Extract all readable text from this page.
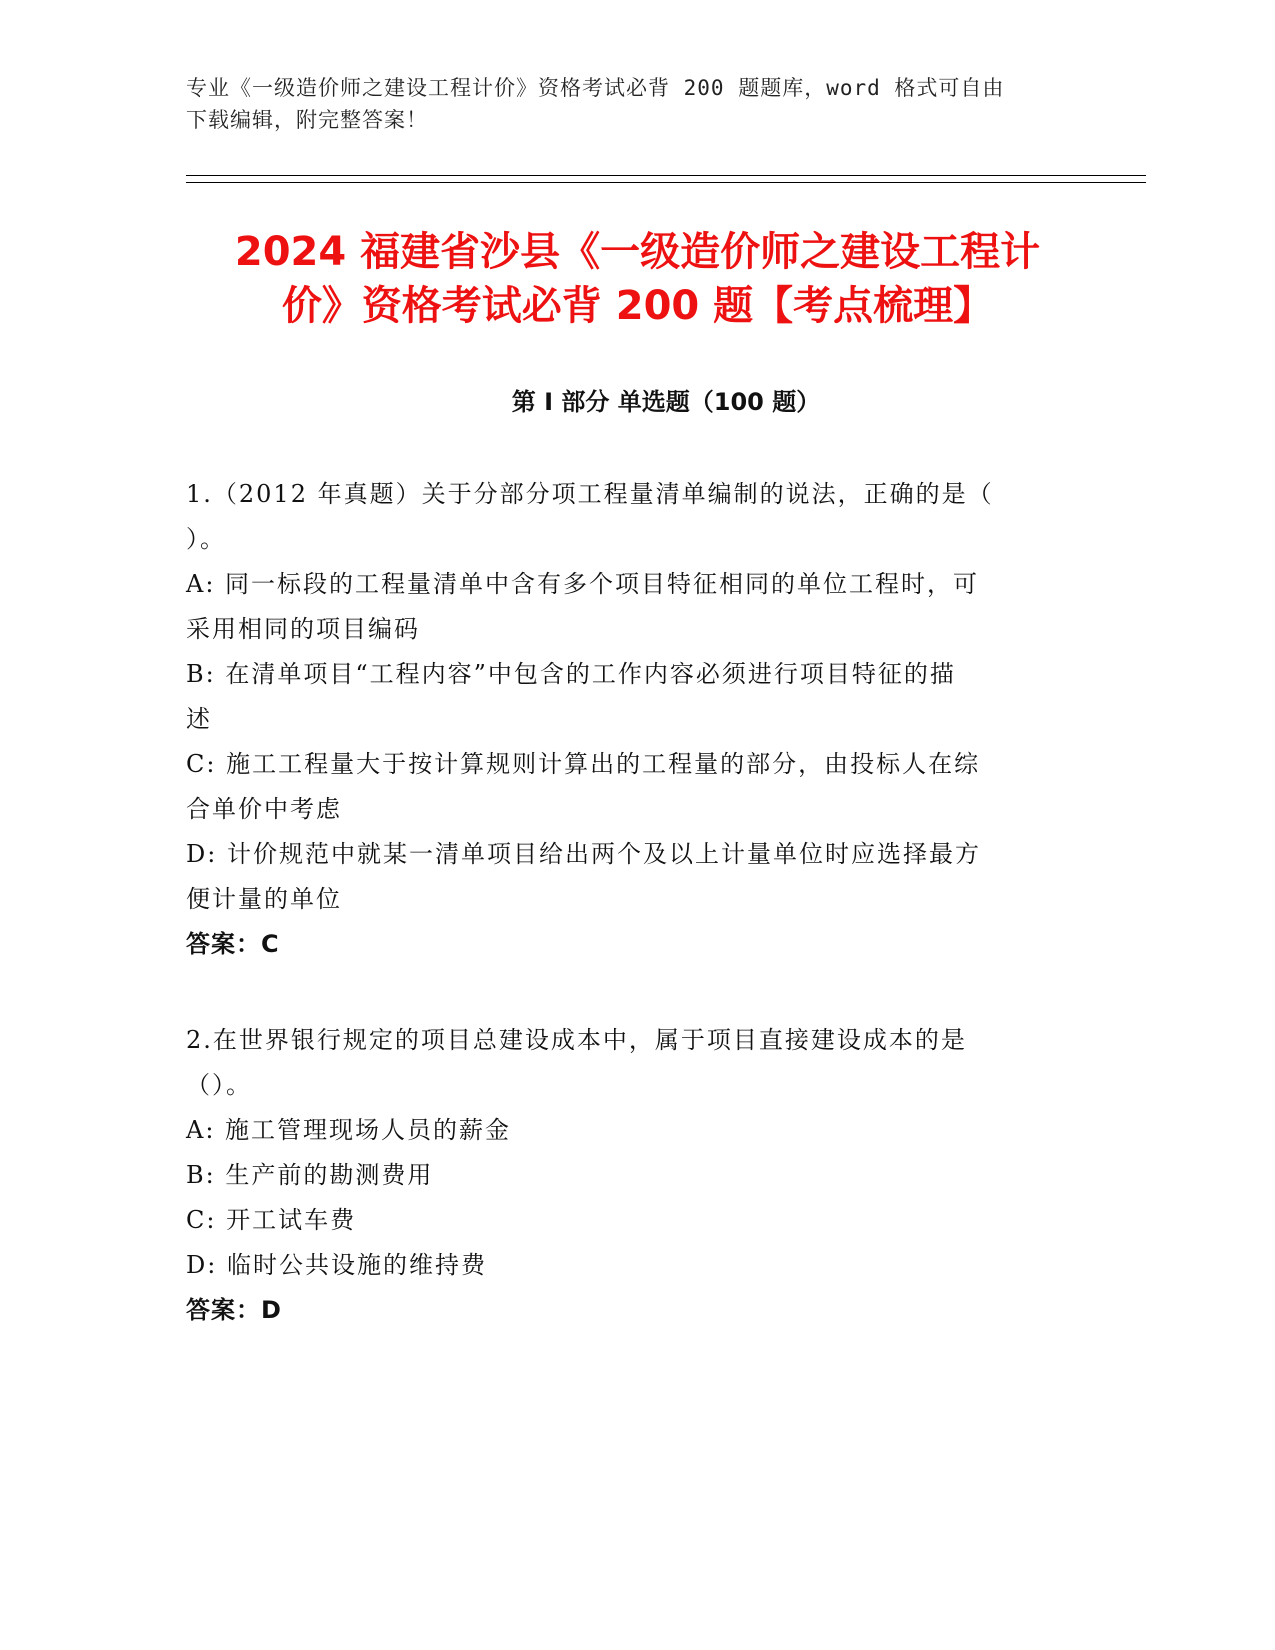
专业《一级造价师之建设工程计价》资格考试必背 200 题题库，word 格式可自由
下载编辑，附完整答案！
2024 福建省沙县《一级造价师之建设工程计
价》资格考试必背 200 题【考点梳理】
第 I 部分 单选题（100 题）
1.（2012 年真题）关于分部分项工程量清单编制的说法，正确的是（
）。
A: 同一标段的工程量清单中含有多个项目特征相同的单位工程时，可
采用相同的项目编码
B: 在清单项目“工程内容”中包含的工作内容必须进行项目特征的描
述
C: 施工工程量大于按计算规则计算出的工程量的部分，由投标人在综
合单价中考虑
D: 计价规范中就某一清单项目给出两个及以上计量单位时应选择最方
便计量的单位
答案：C
2.在世界银行规定的项目总建设成本中，属于项目直接建设成本的是
（）。
A: 施工管理现场人员的薪金
B: 生产前的勘测费用
C: 开工试车费
D: 临时公共设施的维持费
答案：D
